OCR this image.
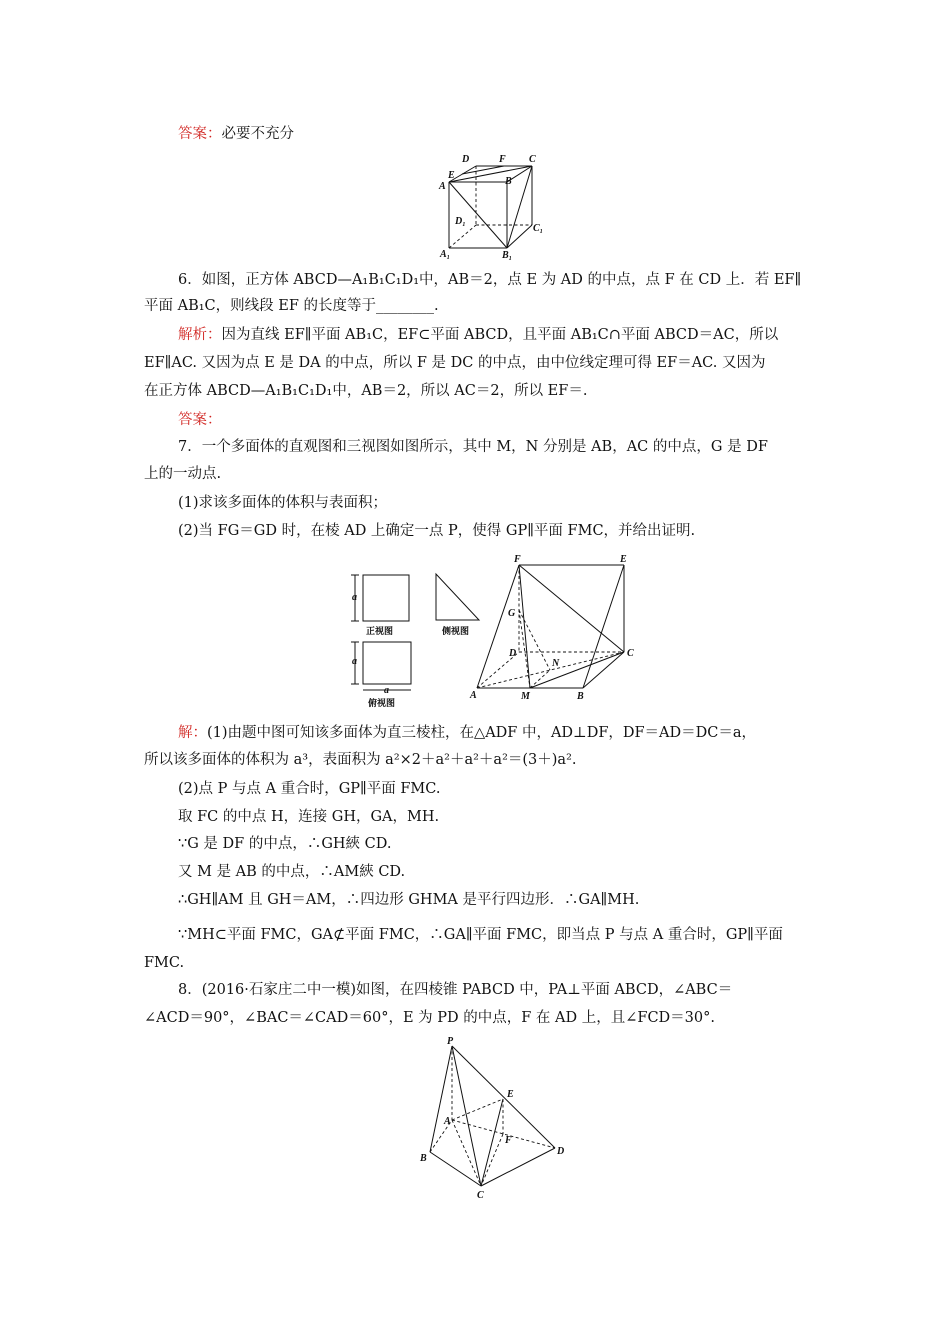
答案：必要不充分
D	F C
E
A	B
D₁
C₁
A₁	B₁
6．如图，正方体 ABCD—A₁B₁C₁D₁中，AB＝2，点 E 为 AD 的中点，点 F 在 CD 上．若 EF∥
平面 AB₁C，则线段 EF 的长度等于________.
解析：因为直线 EF∥平面 AB₁C，EF⊂平面 ABCD，且平面 AB₁C∩平面 ABCD＝AC，所以
EF∥AC. 又因为点 E 是 DA 的中点，所以 F 是 DC 的中点，由中位线定理可得 EF＝AC. 又因为
在正方体 ABCD—A₁B₁C₁D₁中，AB＝2，所以 AC＝2，所以 EF＝.
答案：
7．一个多面体的直观图和三视图如图所示，其中 M，N 分别是 AB，AC 的中点，G 是 DF
上的一动点.
(1)求该多面体的体积与表面积；
(2)当 FG＝GD 时，在棱 AD 上确定一点 P，使得 GP∥平面 FMC，并给出证明.
a
正视图	侧视图
a
a
俯视图
F	E
G
D
N
C
A	M	B
解：(1)由题中图可知该多面体为直三棱柱，在△ADF 中，AD⊥DF，DF＝AD＝DC＝a，
所以该多面体的体积为 a³，表面积为 a²×2＋a²＋a²＋a²＝(3＋)a².
(2)点 P 与点 A 重合时，GP∥平面 FMC.
取 FC 的中点 H，连接 GH，GA，MH.
∵G 是 DF 的中点，∴GH綊 CD.
又 M 是 AB 的中点，∴AM綊 CD.
∴GH∥AM 且 GH＝AM，∴四边形 GHMA 是平行四边形．∴GA∥MH.
∵MH⊂平面 FMC，GA⊄平面 FMC，∴GA∥平面 FMC，即当点 P 与点 A 重合时，GP∥平面
FMC.
8．(2016·石家庄二中一模)如图，在四棱锥 PABCD 中，PA⊥平面 ABCD，∠ABC＝
∠ACD＝90°，∠BAC＝∠CAD＝60°，E 为 PD 的中点，F 在 AD 上，且∠FCD＝30°.
P
E
A
F
B
D
C
